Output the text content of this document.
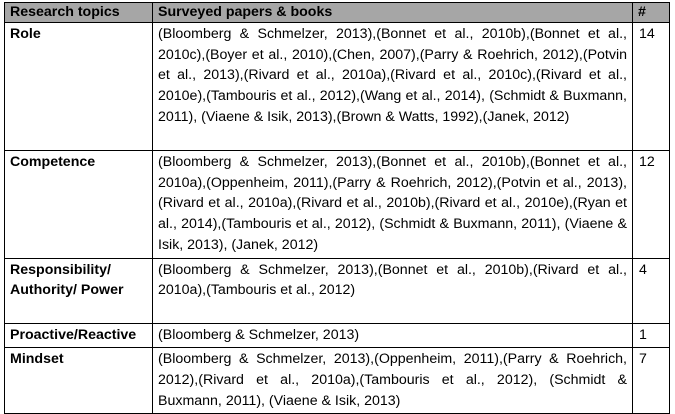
Research topics	Surveyed papers & books	#
Role	(Bloomberg & Schmelzer, 2013),(Bonnet et al., 2010b),(Bonnet et al., 2010c),(Boyer et al., 2010),(Chen, 2007),(Parry & Roehrich, 2012),(Potvin et al., 2013),(Rivard et al., 2010a),(Rivard et al., 2010c),(Rivard et al., 2010e),(Tambouris et al., 2012),(Wang et al., 2014), (Schmidt & Buxmann, 2011), (Viaene & Isik, 2013),(Brown & Watts, 1992),(Janek, 2012)	14
Competence	(Bloomberg & Schmelzer, 2013),(Bonnet et al., 2010b),(Bonnet et al., 2010a),(Oppenheim, 2011),(Parry & Roehrich, 2012),(Potvin et al., 2013),(Rivard et al., 2010a),(Rivard et al., 2010b),(Rivard et al., 2010e),(Ryan et al., 2014),(Tambouris et al., 2012), (Schmidt & Buxmann, 2011), (Viaene & Isik, 2013), (Janek, 2012)	12
Responsibility/ Authority/ Power	(Bloomberg & Schmelzer, 2013),(Bonnet et al., 2010b),(Rivard et al., 2010a),(Tambouris et al., 2012)	4
Proactive/Reactive	(Bloomberg & Schmelzer, 2013)	1
Mindset	(Bloomberg & Schmelzer, 2013),(Oppenheim, 2011),(Parry & Roehrich, 2012),(Rivard et al., 2010a),(Tambouris et al., 2012), (Schmidt & Buxmann, 2011), (Viaene & Isik, 2013)	7
